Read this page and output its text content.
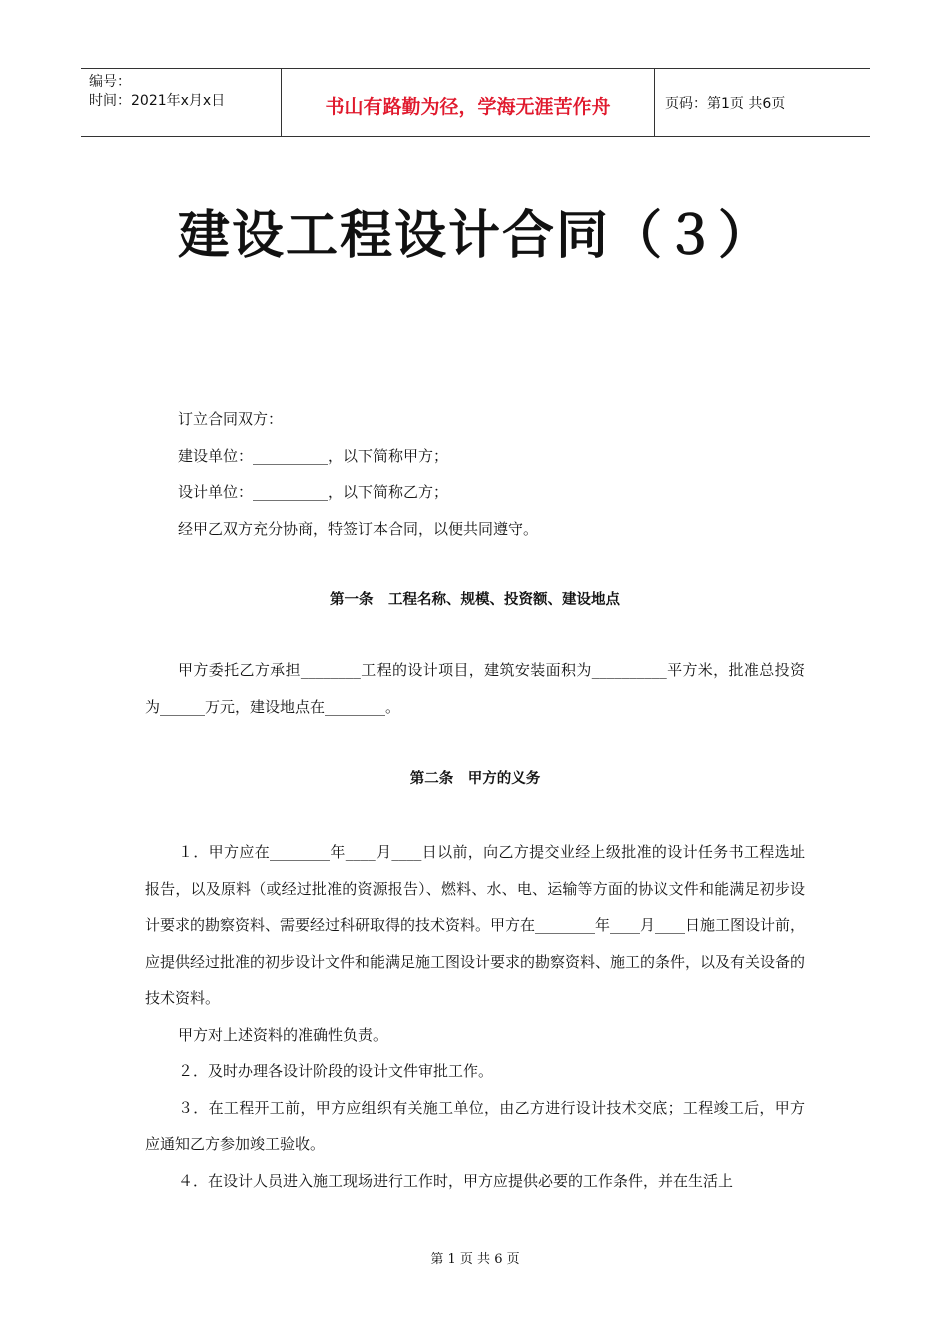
编号：
时间：2021年x月x日	书山有路勤为径，学海无涯苦作舟	页码：第1页 共6页
建设工程设计合同（３）

订立合同双方：

建设单位：__________，以下简称甲方；

设计单位：__________，以下简称乙方；

经甲乙双方充分协商，特签订本合同，以便共同遵守。

第一条　工程名称、规模、投资额、建设地点

甲方委托乙方承担________工程的设计项目，建筑安装面积为__________平方米，批准总投资为______万元，建设地点在________。

第二条　甲方的义务

１．甲方应在________年____月____日以前，向乙方提交业经上级批准的设计任务书工程选址报告，以及原料（或经过批准的资源报告）、燃料、水、电、运输等方面的协议文件和能满足初步设计要求的勘察资料、需要经过科研取得的技术资料。甲方在________年____月____日施工图设计前，应提供经过批准的初步设计文件和能满足施工图设计要求的勘察资料、施工的条件，以及有关设备的技术资料。

甲方对上述资料的准确性负责。

２．及时办理各设计阶段的设计文件审批工作。

３．在工程开工前，甲方应组织有关施工单位，由乙方进行设计技术交底；工程竣工后，甲方应通知乙方参加竣工验收。

４．在设计人员进入施工现场进行工作时，甲方应提供必要的工作条件，并在生活上

第 1 页 共 6 页
